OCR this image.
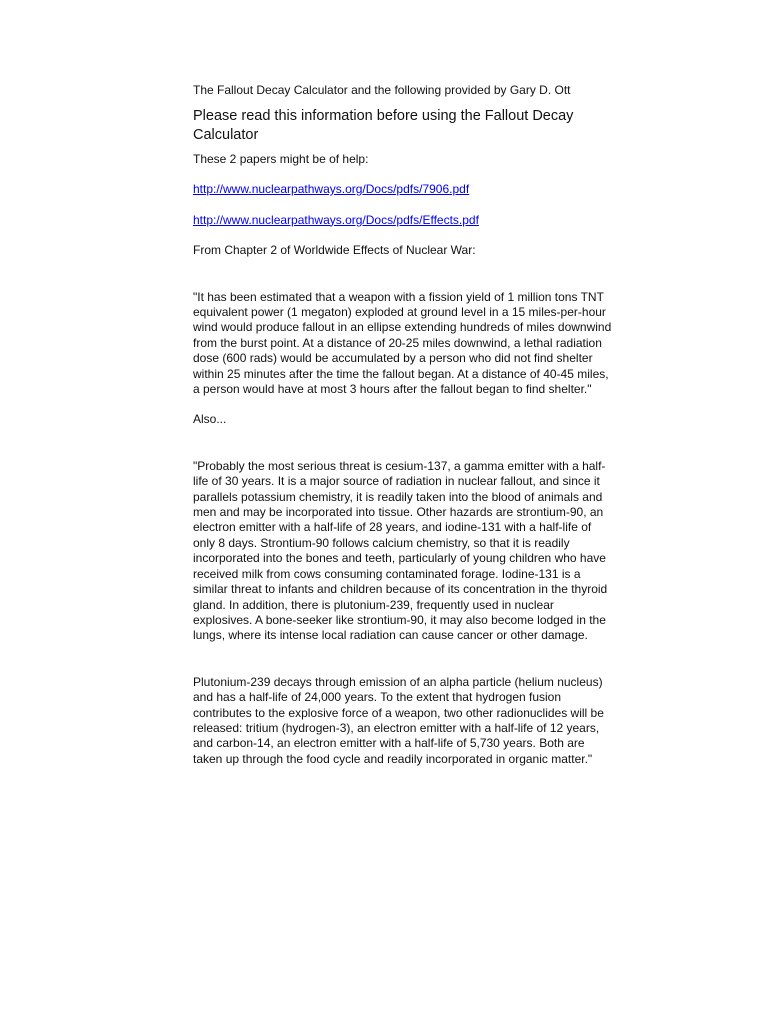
The Fallout Decay Calculator and the following provided by Gary D. Ott

Please read this information before using the Fallout Decay

Calculator

These 2 papers might be of help:

http://www.nuclearpathways.org/Docs/pdfs/7906.pdf

http://www.nuclearpathways.org/Docs/pdfs/Effects.pdf

From Chapter 2 of Worldwide Effects of Nuclear War:

"It has been estimated that a weapon with a fission yield of 1 million tons TNT

equivalent power (1 megaton) exploded at ground level in a 15 miles-per-hour

wind would produce fallout in an ellipse extending hundreds of miles downwind

from the burst point. At a distance of 20-25 miles downwind, a lethal radiation

dose (600 rads) would be accumulated by a person who did not find shelter

within 25 minutes after the time the fallout began. At a distance of 40-45 miles,

a person would have at most 3 hours after the fallout began to find shelter."

Also...

"Probably the most serious threat is cesium-137, a gamma emitter with a half-

life of 30 years. It is a major source of radiation in nuclear fallout, and since it

parallels potassium chemistry, it is readily taken into the blood of animals and

men and may be incorporated into tissue. Other hazards are strontium-90, an

electron emitter with a half-life of 28 years, and iodine-131 with a half-life of

only 8 days. Strontium-90 follows calcium chemistry, so that it is readily

incorporated into the bones and teeth, particularly of young children who have

received milk from cows consuming contaminated forage. Iodine-131 is a

similar threat to infants and children because of its concentration in the thyroid

gland. In addition, there is plutonium-239, frequently used in nuclear

explosives. A bone-seeker like strontium-90, it may also become lodged in the

lungs, where its intense local radiation can cause cancer or other damage.

Plutonium-239 decays through emission of an alpha particle (helium nucleus)

and has a half-life of 24,000 years. To the extent that hydrogen fusion

contributes to the explosive force of a weapon, two other radionuclides will be

released: tritium (hydrogen-3), an electron emitter with a half-life of 12 years,

and carbon-14, an electron emitter with a half-life of 5,730 years. Both are

taken up through the food cycle and readily incorporated in organic matter."
